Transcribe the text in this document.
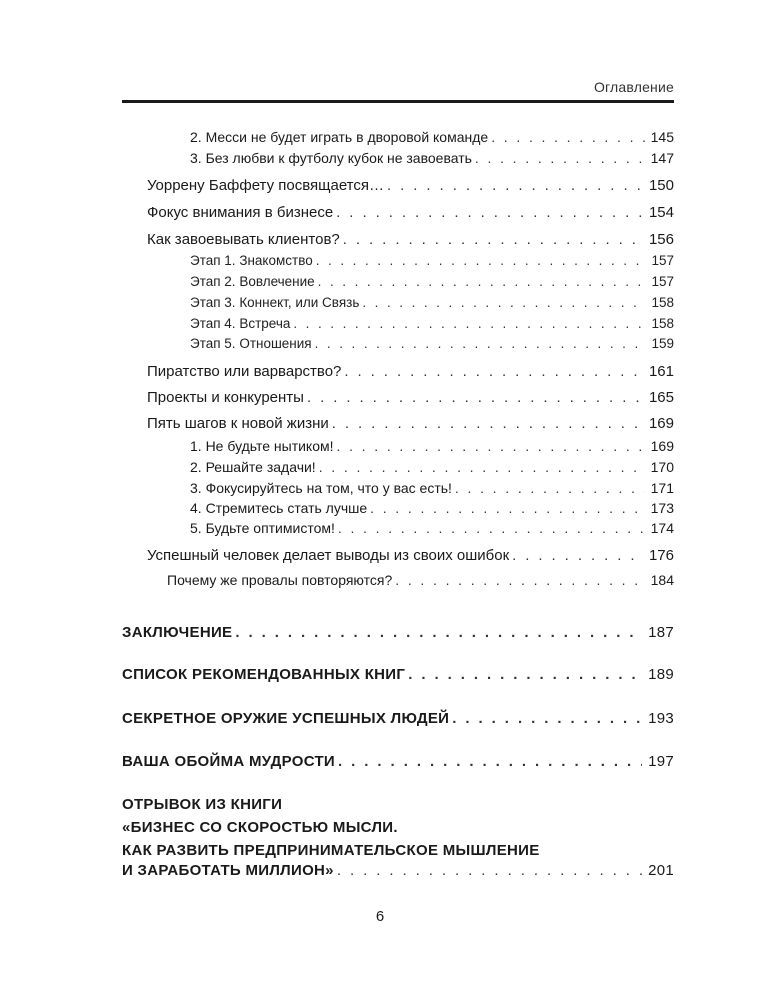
Оглавление
2. Месси не будет играть в дворовой команде . . .	145
3. Без любви к футболу кубок не завоевать . . .	147
Уоррену Баффету посвящается… . . .	150
Фокус внимания в бизнесе . . .	154
Как завоевывать клиентов? . . .	156
Этап 1. Знакомство . . .	157
Этап 2. Вовлечение . . .	157
Этап 3. Коннект, или Связь . . .	158
Этап 4. Встреча . . .	158
Этап 5. Отношения . . .	159
Пиратство или варварство? . . .	161
Проекты и конкуренты . . .	165
Пять шагов к новой жизни . . .	169
1. Не будьте нытиком! . . .	169
2. Решайте задачи! . . .	170
3. Фокусируйтесь на том, что у вас есть! . . .	171
4. Стремитесь стать лучше . . .	173
5. Будьте оптимистом! . . .	174
Успешный человек делает выводы из своих ошибок . . .	176
Почему же провалы повторяются? . . .	184
ЗАКЛЮЧЕНИЕ . . .	187
СПИСОК РЕКОМЕНДОВАННЫХ КНИГ . . .	189
СЕКРЕТНОЕ ОРУЖИЕ УСПЕШНЫХ ЛЮДЕЙ . . .	193
ВАША ОБОЙМА МУДРОСТИ . . .	197
ОТРЫВОК ИЗ КНИГИ
«БИЗНЕС СО СКОРОСТЬЮ МЫСЛИ.
КАК РАЗВИТЬ ПРЕДПРИНИМАТЕЛЬСКОЕ МЫШЛЕНИЕ
И ЗАРАБОТАТЬ МИЛЛИОН» . . .	201
6
